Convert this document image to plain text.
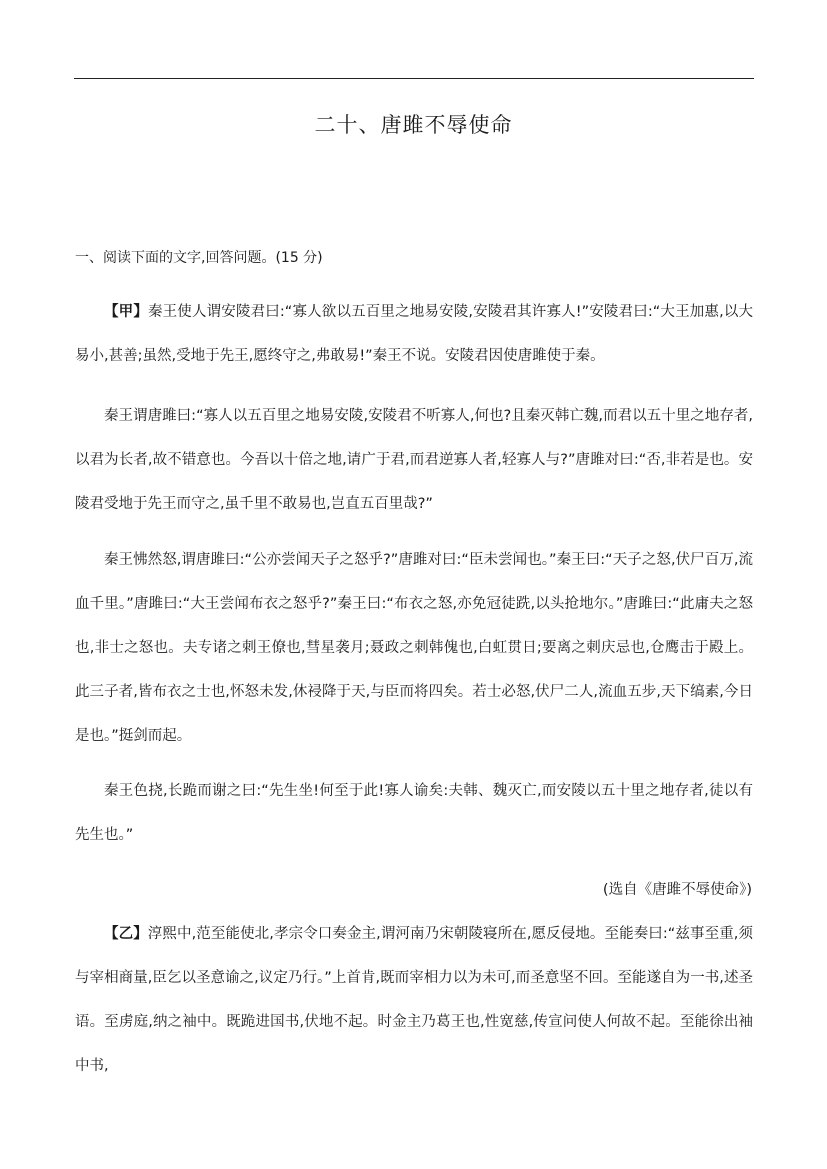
二十、唐雎不辱使命
一、阅读下面的文字,回答问题。(15 分)

【甲】秦王使人谓安陵君曰:“寡人欲以五百里之地易安陵,安陵君其许寡人!”安陵君曰:“大王加惠,以大易小,甚善;虽然,受地于先王,愿终守之,弗敢易!”秦王不说。安陵君因使唐雎使于秦。

秦王谓唐雎曰:“寡人以五百里之地易安陵,安陵君不听寡人,何也?且秦灭韩亡魏,而君以五十里之地存者,以君为长者,故不错意也。今吾以十倍之地,请广于君,而君逆寡人者,轻寡人与?”唐雎对曰:“否,非若是也。安陵君受地于先王而守之,虽千里不敢易也,岂直五百里哉?”

秦王怫然怒,谓唐雎曰:“公亦尝闻天子之怒乎?”唐雎对曰:“臣未尝闻也。”秦王曰:“天子之怒,伏尸百万,流血千里。”唐雎曰:“大王尝闻布衣之怒乎?”秦王曰:“布衣之怒,亦免冠徒跣,以头抢地尔。”唐雎曰:“此庸夫之怒也,非士之怒也。夫专诸之刺王僚也,彗星袭月;聂政之刺韩傀也,白虹贯日;要离之刺庆忌也,仓鹰击于殿上。此三子者,皆布衣之士也,怀怒未发,休祲降于天,与臣而将四矣。若士必怒,伏尸二人,流血五步,天下缟素,今日是也。”挺剑而起。

秦王色挠,长跪而谢之曰:“先生坐!何至于此!寡人谕矣:夫韩、魏灭亡,而安陵以五十里之地存者,徒以有先生也。”

(选自《唐雎不辱使命》)

【乙】淳熙中,范至能使北,孝宗令口奏金主,谓河南乃宋朝陵寝所在,愿反侵地。至能奏曰:“兹事至重,须与宰相商量,臣乞以圣意谕之,议定乃行。”上首肯,既而宰相力以为未可,而圣意坚不回。至能遂自为一书,述圣语。至虏庭,纳之袖中。既跪进国书,伏地不起。时金主乃葛王也,性宽慈,传宣问使人何故不起。至能徐出袖中书,
